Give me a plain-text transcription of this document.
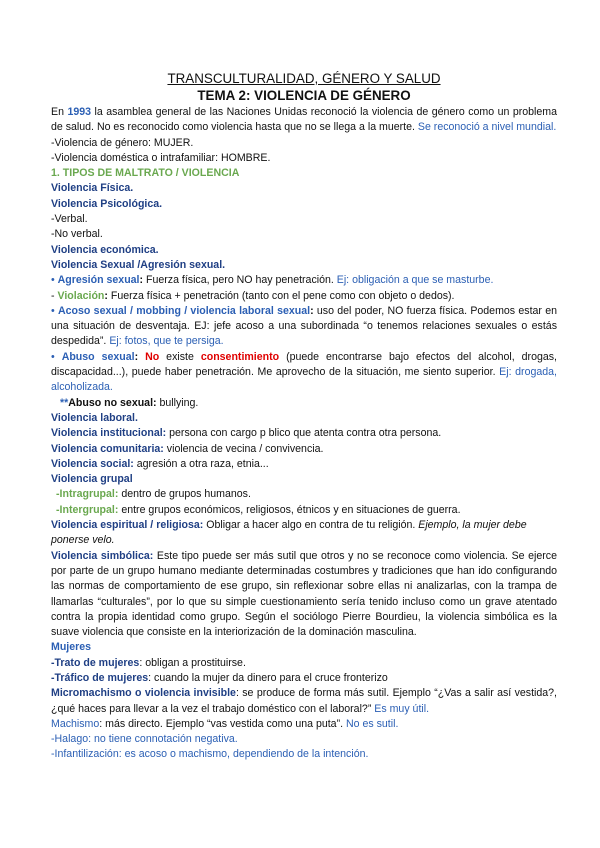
TRANSCULTURALIDAD, GÉNERO Y SALUD

TEMA 2: VIOLENCIA DE GÉNERO

En 1993 la asamblea general de las Naciones Unidas reconoció la violencia de género como un problema de salud. No es reconocido como violencia hasta que no se llega a la muerte. Se reconoció a nivel mundial.

-Violencia de género: MUJER.

-Violencia doméstica o intrafamiliar: HOMBRE.

1. TIPOS DE MALTRATO / VIOLENCIA

Violencia Física.

Violencia Psicológica.

-Verbal.

-No verbal.

Violencia económica.

Violencia Sexual /Agresión sexual.

• Agresión sexual: Fuerza física, pero NO hay penetración. Ej: obligación a que se masturbe.

- Violación: Fuerza física + penetración (tanto con el pene como con objeto o dedos).

• Acoso sexual / mobbing / violencia laboral sexual: uso del poder, NO fuerza física. Podemos estar en una situación de desventaja. EJ: jefe acoso a una subordinada “o tenemos relaciones sexuales o estás despedida”. Ej: fotos, que te persiga.

• Abuso sexual: No existe consentimiento (puede encontrarse bajo efectos del alcohol, drogas, discapacidad...), puede haber penetración. Me aprovecho de la situación, me siento superior. Ej: drogada, alcoholizada.

**Abuso no sexual: bullying.

Violencia laboral.

Violencia institucional: persona con cargo p blico que atenta contra otra persona.

Violencia comunitaria: violencia de vecina / convivencia.

Violencia social: agresión a otra raza, etnia...

Violencia grupal

-Intragrupal: dentro de grupos humanos.

-Intergrupal: entre grupos económicos, religiosos, étnicos y en situaciones de guerra.

Violencia espiritual / religiosa: Obligar a hacer algo en contra de tu religión. Ejemplo, la mujer debe ponerse velo.

Violencia simbólica: Este tipo puede ser más sutil que otros y no se reconoce como violencia. Se ejerce por parte de un grupo humano mediante determinadas costumbres y tradiciones que han ido configurando las normas de comportamiento de ese grupo, sin reflexionar sobre ellas ni analizarlas, con la trampa de llamarlas “culturales”, por lo que su simple cuestionamiento sería tenido incluso como un grave atentado contra la propia identidad como grupo. Según el sociólogo Pierre Bourdieu, la violencia simbólica es la suave violencia que consiste en la interiorización de la dominación masculina.

Mujeres

-Trato de mujeres: obligan a prostituirse.

-Tráfico de mujeres: cuando la mujer da dinero para el cruce fronterizo

Micromachismo o violencia invisible: se produce de forma más sutil. Ejemplo “¿Vas a salir así vestida?, ¿qué haces para llevar a la vez el trabajo doméstico con el laboral?” Es muy útil.

Machismo: más directo. Ejemplo “vas vestida como una puta”. No es sutil.

-Halago: no tiene connotación negativa.

-Infantilización: es acoso o machismo, dependiendo de la intención.
